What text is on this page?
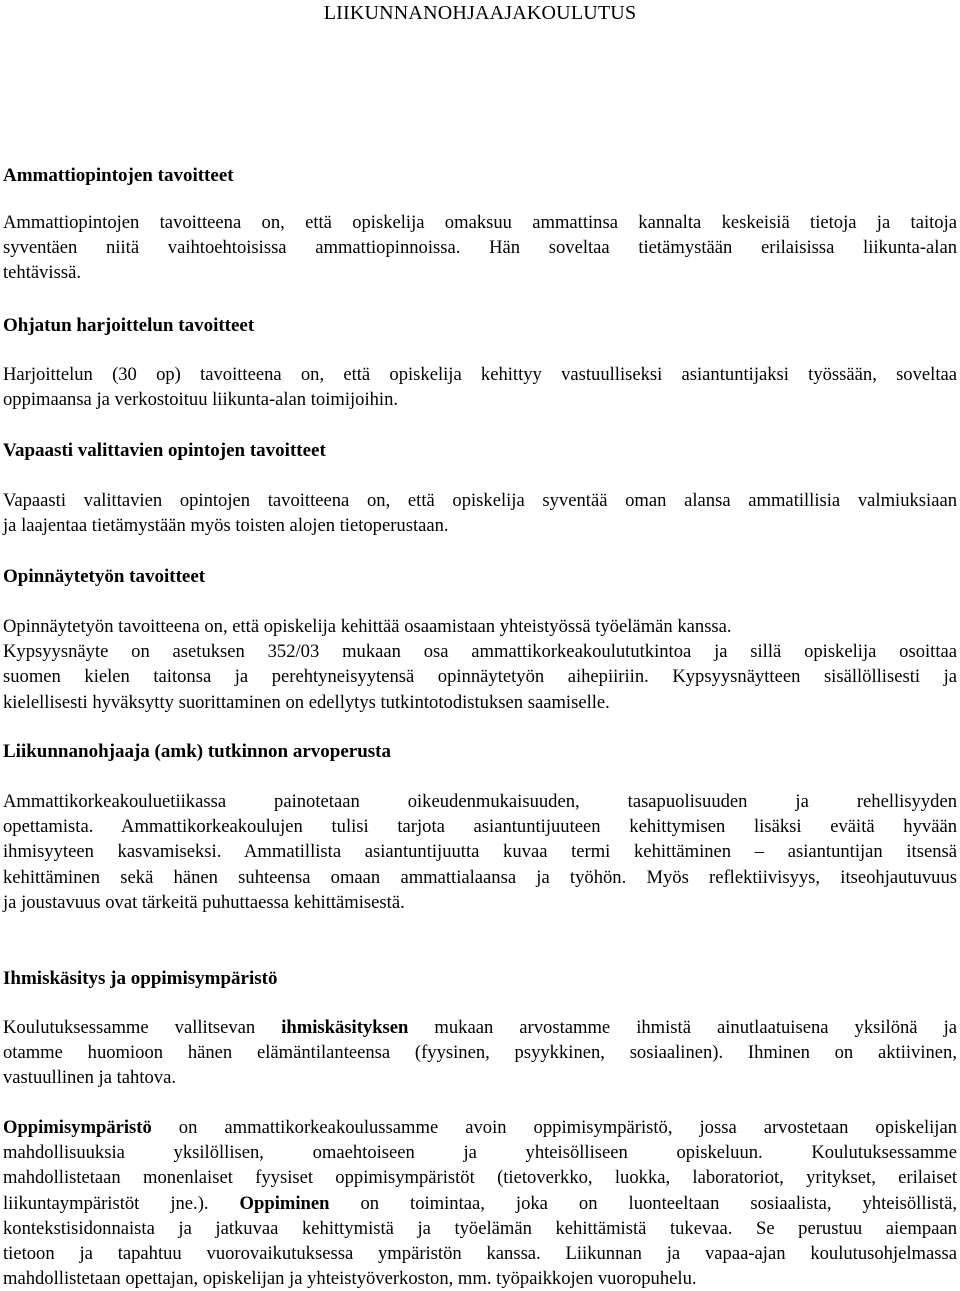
LIIKUNNANOHJAAJAKOULUTUS
Ammattiopintojen tavoitteet
Ammattiopintojen tavoitteena on, että opiskelija omaksuu ammattinsa kannalta keskeisiä tietoja ja taitoja
syventäen niitä vaihtoehtoisissa ammattiopinnoissa. Hän soveltaa tietämystään erilaisissa liikunta-alan
tehtävissä.
Ohjatun harjoittelun tavoitteet
Harjoittelun (30 op) tavoitteena on, että opiskelija kehittyy vastuulliseksi asiantuntijaksi työssään, soveltaa
oppimaansa ja verkostoituu liikunta-alan toimijoihin.
Vapaasti valittavien opintojen tavoitteet
Vapaasti valittavien opintojen tavoitteena on, että opiskelija syventää oman alansa ammatillisia valmiuksiaan
ja laajentaa tietämystään myös toisten alojen tietoperustaan.
Opinnäytetyön tavoitteet
Opinnäytetyön tavoitteena on, että opiskelija kehittää osaamistaan yhteistyössä työelämän kanssa.
Kypsyysnäyte on asetuksen 352/03 mukaan osa ammattikorkeakoulututkintoa ja sillä opiskelija osoittaa
suomen kielen taitonsa ja perehtyneisyytensä opinnäytetyön aihepiiriin. Kypsyysnäytteen sisällöllisesti ja
kielellisesti hyväksytty suorittaminen on edellytys tutkintotodistuksen saamiselle.
Liikunnanohjaaja (amk) tutkinnon arvoperusta
Ammattikorkeakouluetiikassa painotetaan oikeudenmukaisuuden, tasapuolisuuden ja rehellisyyden
opettamista. Ammattikorkeakoulujen tulisi tarjota asiantuntijuuteen kehittymisen lisäksi eväitä hyvään
ihmisyyteen kasvamiseksi. Ammatillista asiantuntijuutta kuvaa termi kehittäminen – asiantuntijan itsensä
kehittäminen sekä hänen suhteensa omaan ammattialaansa ja työhön. Myös reflektiivisyys, itseohjautuvuus
ja joustavuus ovat tärkeitä puhuttaessa kehittämisestä.
Ihmiskäsitys ja oppimisympäristö
Koulutuksessamme vallitsevan ihmiskäsityksen mukaan arvostamme ihmistä ainutlaatuisena yksilönä ja
otamme huomioon hänen elämäntilanteensa (fyysinen, psyykkinen, sosiaalinen). Ihminen on aktiivinen,
vastuullinen ja tahtova.
Oppimisympäristö on ammattikorkeakoulussamme avoin oppimisympäristö, jossa arvostetaan opiskelijan
mahdollisuuksia yksilöllisen, omaehtoiseen ja yhteisölliseen opiskeluun. Koulutuksessamme
mahdollistetaan monenlaiset fyysiset oppimisympäristöt (tietoverkko, luokka, laboratoriot, yritykset, erilaiset
liikuntaympäristöt jne.). Oppiminen on toimintaa, joka on luonteeltaan sosiaalista, yhteisöllistä,
kontekstisidonnaista ja jatkuvaa kehittymistä ja työelämän kehittämistä tukevaa. Se perustuu aiempaan
tietoon ja tapahtuu vuorovaikutuksessa ympäristön kanssa. Liikunnan ja vapaa-ajan koulutusohjelmassa
mahdollistetaan opettajan, opiskelijan ja yhteistyöverkoston, mm. työpaikkojen vuoropuhelu.
